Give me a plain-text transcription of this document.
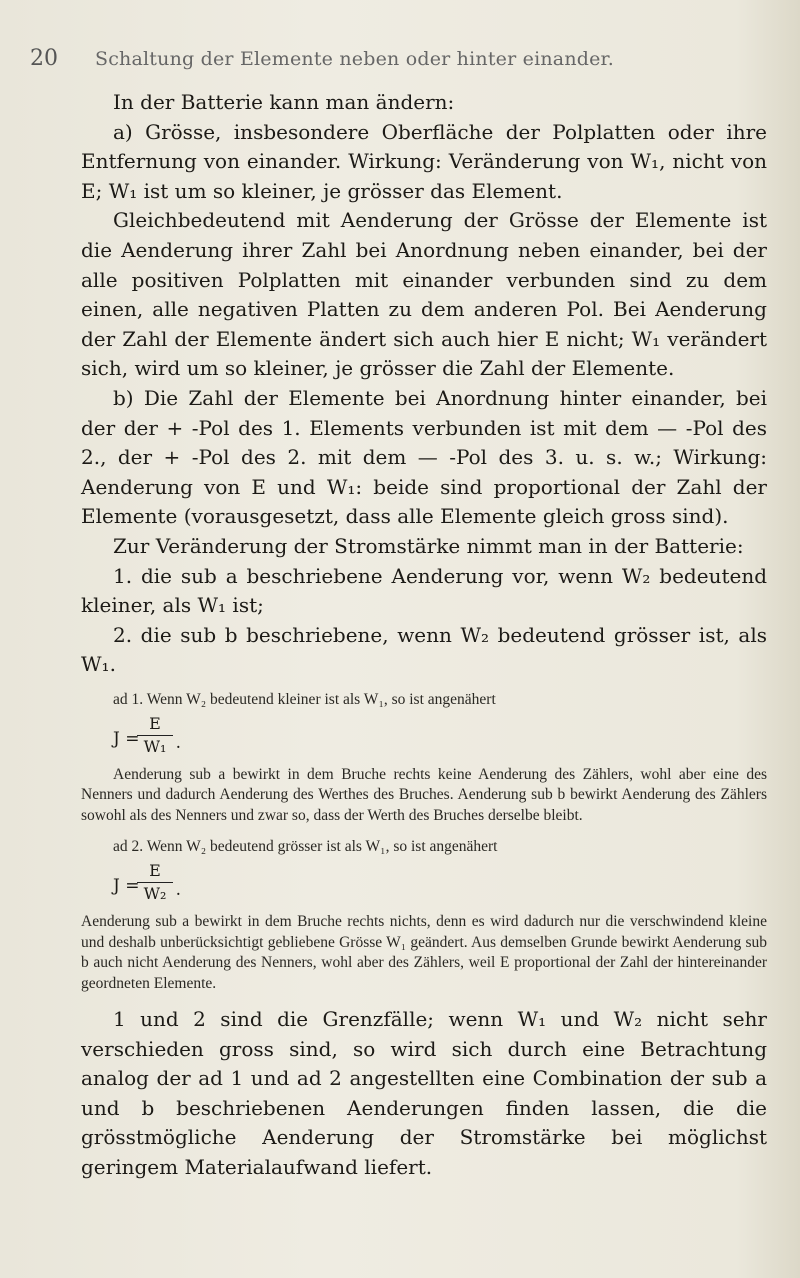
20 Schaltung der Elemente neben oder hinter einander.

In der Batterie kann man ändern:

a) Grösse, insbesondere Oberfläche der Polplatten oder ihre Entfernung von einander. Wirkung: Veränderung von W₁, nicht von E; W₁ ist um so kleiner, je grösser das Element.

Gleichbedeutend mit Aenderung der Grösse der Elemente ist die Aenderung ihrer Zahl bei Anordnung neben einander, bei der alle positiven Polplatten mit einander verbunden sind zu dem einen, alle negativen Platten zu dem anderen Pol. Bei Aenderung der Zahl der Elemente ändert sich auch hier E nicht; W₁ verändert sich, wird um so kleiner, je grösser die Zahl der Elemente.

b) Die Zahl der Elemente bei Anordnung hinter einander, bei der der + -Pol des 1. Elements verbunden ist mit dem — -Pol des 2., der + -Pol des 2. mit dem — -Pol des 3. u. s. w.; Wirkung: Aenderung von E und W₁: beide sind proportional der Zahl der Elemente (vorausgesetzt, dass alle Elemente gleich gross sind).

Zur Veränderung der Stromstärke nimmt man in der Batterie:

1. die sub a beschriebene Aenderung vor, wenn W₂ bedeutend kleiner, als W₁ ist;

2. die sub b beschriebene, wenn W₂ bedeutend grösser ist, als W₁.

ad 1. Wenn W₂ bedeutend kleiner ist als W₁, so ist angenähert

J =
E
W₁ .

Aenderung sub a bewirkt in dem Bruche rechts keine Aenderung des Zählers, wohl aber eine des Nenners und dadurch Aenderung des Werthes des Bruches. Aenderung sub b bewirkt Aenderung des Zählers sowohl als des Nenners und zwar so, dass der Werth des Bruches derselbe bleibt.

ad 2. Wenn W₂ bedeutend grösser ist als W₁, so ist angenähert

J =
E
W₂ .

Aenderung sub a bewirkt in dem Bruche rechts nichts, denn es wird dadurch nur die verschwindend kleine und deshalb unberücksichtigt gebliebene Grösse W₁ geändert. Aus demselben Grunde bewirkt Aenderung sub b auch nicht Aenderung des Nenners, wohl aber des Zählers, weil E proportional der Zahl der hintereinander geordneten Elemente.

1 und 2 sind die Grenzfälle; wenn W₁ und W₂ nicht sehr verschieden gross sind, so wird sich durch eine Betrachtung analog der ad 1 und ad 2 angestellten eine Combination der sub a und b beschriebenen Aenderungen finden lassen, die die grösstmögliche Aenderung der Stromstärke bei möglichst geringem Materialaufwand liefert.
